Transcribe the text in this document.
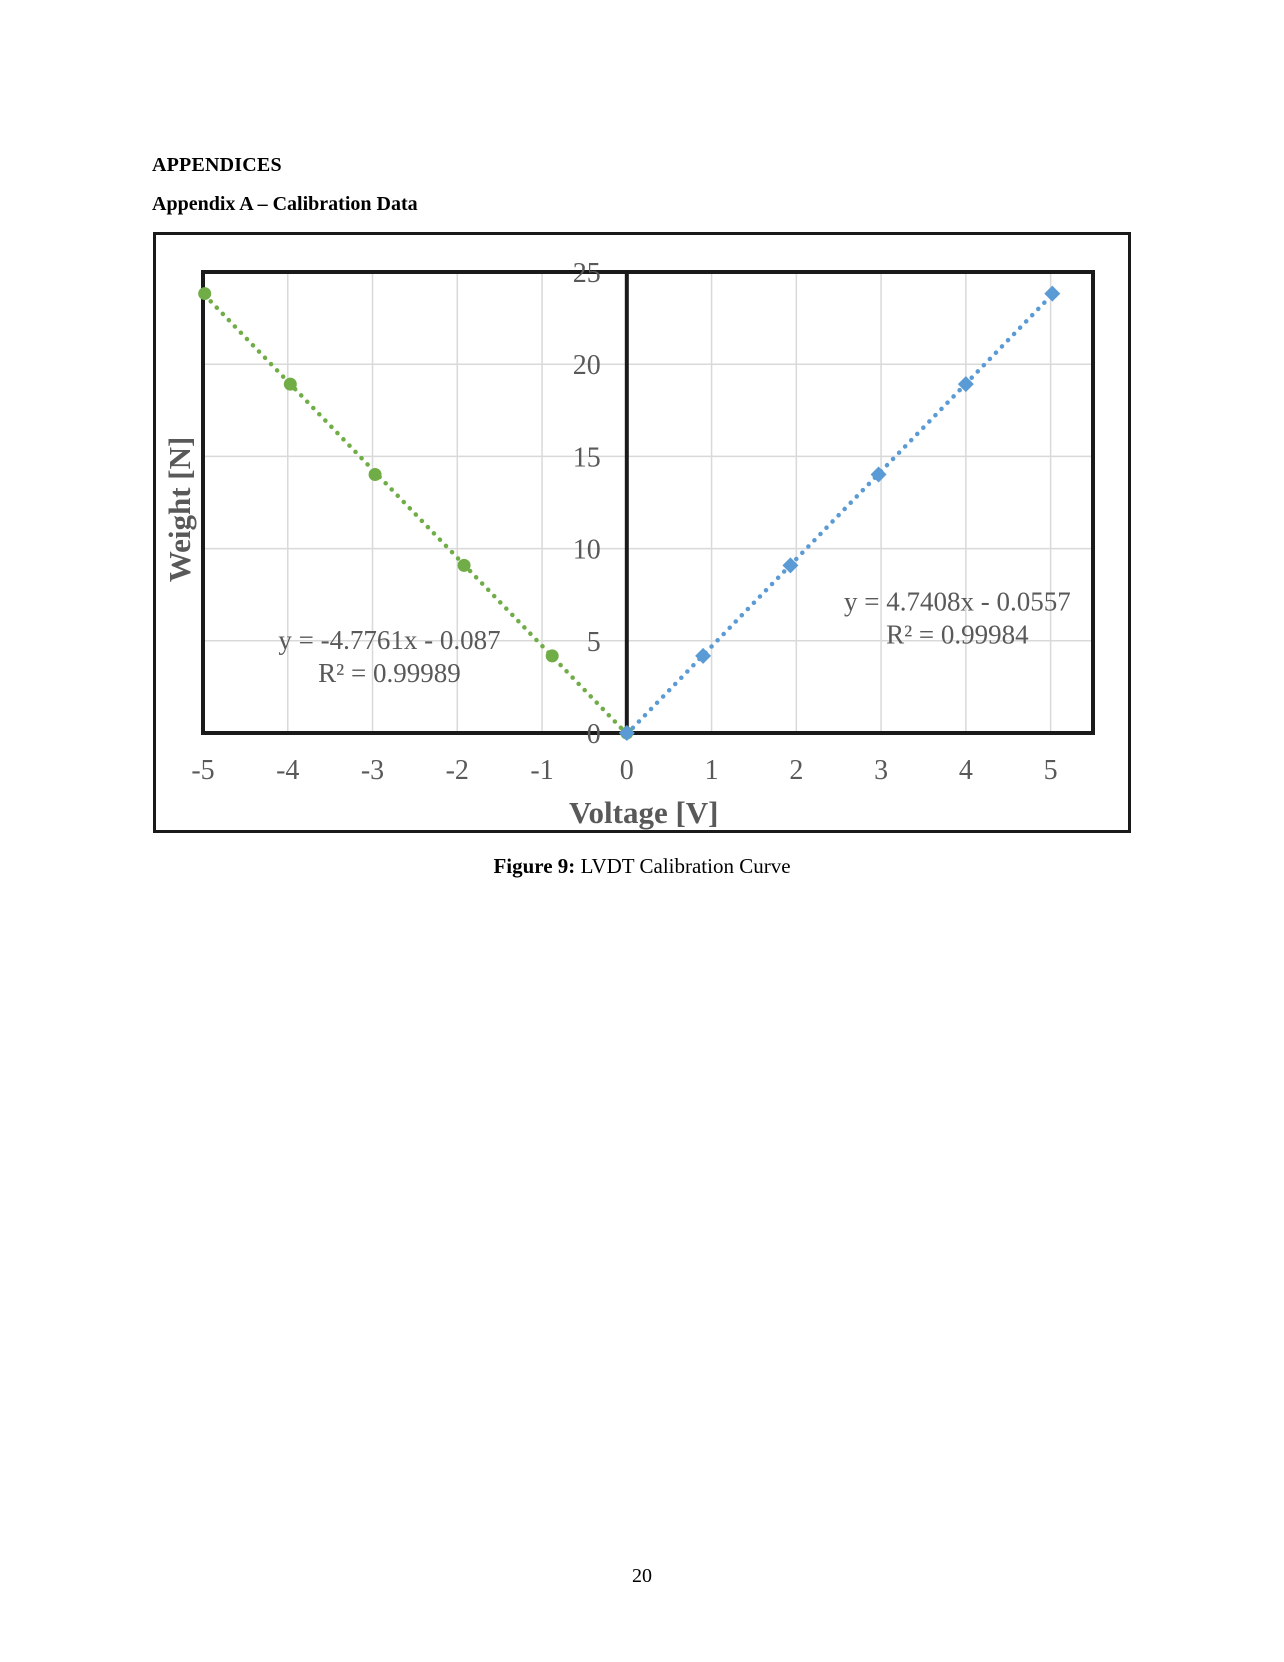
APPENDICES
Appendix A – Calibration Data
-5 -4 -3 -2 -1 0	1	2	3	4	5
0
5
10
15
20
25
Voltage [V]
Weight [N]
y = -4.7761x - 0.087
R² = 0.99989
y = 4.7408x - 0.0557
R² = 0.99984

Figure 9: LVDT Calibration Curve

20
